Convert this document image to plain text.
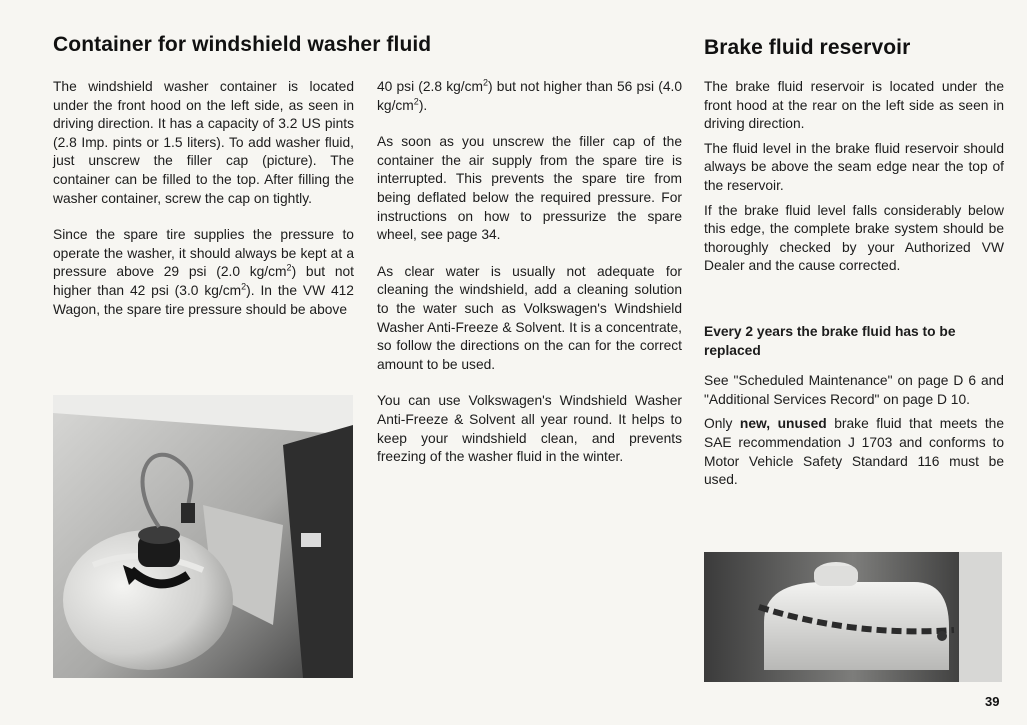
Container for windshield washer fluid	Brake fluid reservoir

The windshield washer container is located under the front hood on the left side, as seen in driving direction. It has a capacity of 3.2 US pints (2.8 Imp. pints or 1.5 liters). To add washer fluid, just unscrew the filler cap (picture). The container can be filled to the top. After filling the washer container, screw the cap on tightly.

Since the spare tire supplies the pressure to operate the washer, it should always be kept at a pressure above 29 psi (2.0 $kg/cm^2$) but not higher than 42 psi (3.0 $kg/cm^2$). In the VW 412 Wagon, the spare tire pressure should be above

40 psi (2.8 $kg/cm^2$) but not higher than 56 psi (4.0 $kg/cm^2$).

As soon as you unscrew the filler cap of the container the air supply from the spare tire is interrupted. This prevents the spare tire from being deflated below the required pressure. For instructions on how to pressurize the spare wheel, see page 34.

As clear water is usually not adequate for cleaning the windshield, add a cleaning solution to the water such as Volkswagen's Windshield Washer Anti-Freeze & Solvent. It is a concentrate, so follow the directions on the can for the correct amount to be used.

You can use Volkswagen's Windshield Washer Anti-Freeze & Solvent all year round. It helps to keep your windshield clean, and prevents freezing of the washer fluid in the winter.

The brake fluid reservoir is located under the front hood at the rear on the left side as seen in driving direction.

The fluid level in the brake fluid reservoir should always be above the seam edge near the top of the reservoir.

If the brake fluid level falls considerably below this edge, the complete brake system should be thoroughly checked by your Authorized VW Dealer and the cause corrected.

Every 2 years the brake fluid has to be replaced

See "Scheduled Maintenance" on page D 6 and "Additional Services Record" on page D 10.

Only new, unused brake fluid that meets the SAE recommendation J 1703 and conforms to Motor Vehicle Safety Standard 116 must be used.

39
